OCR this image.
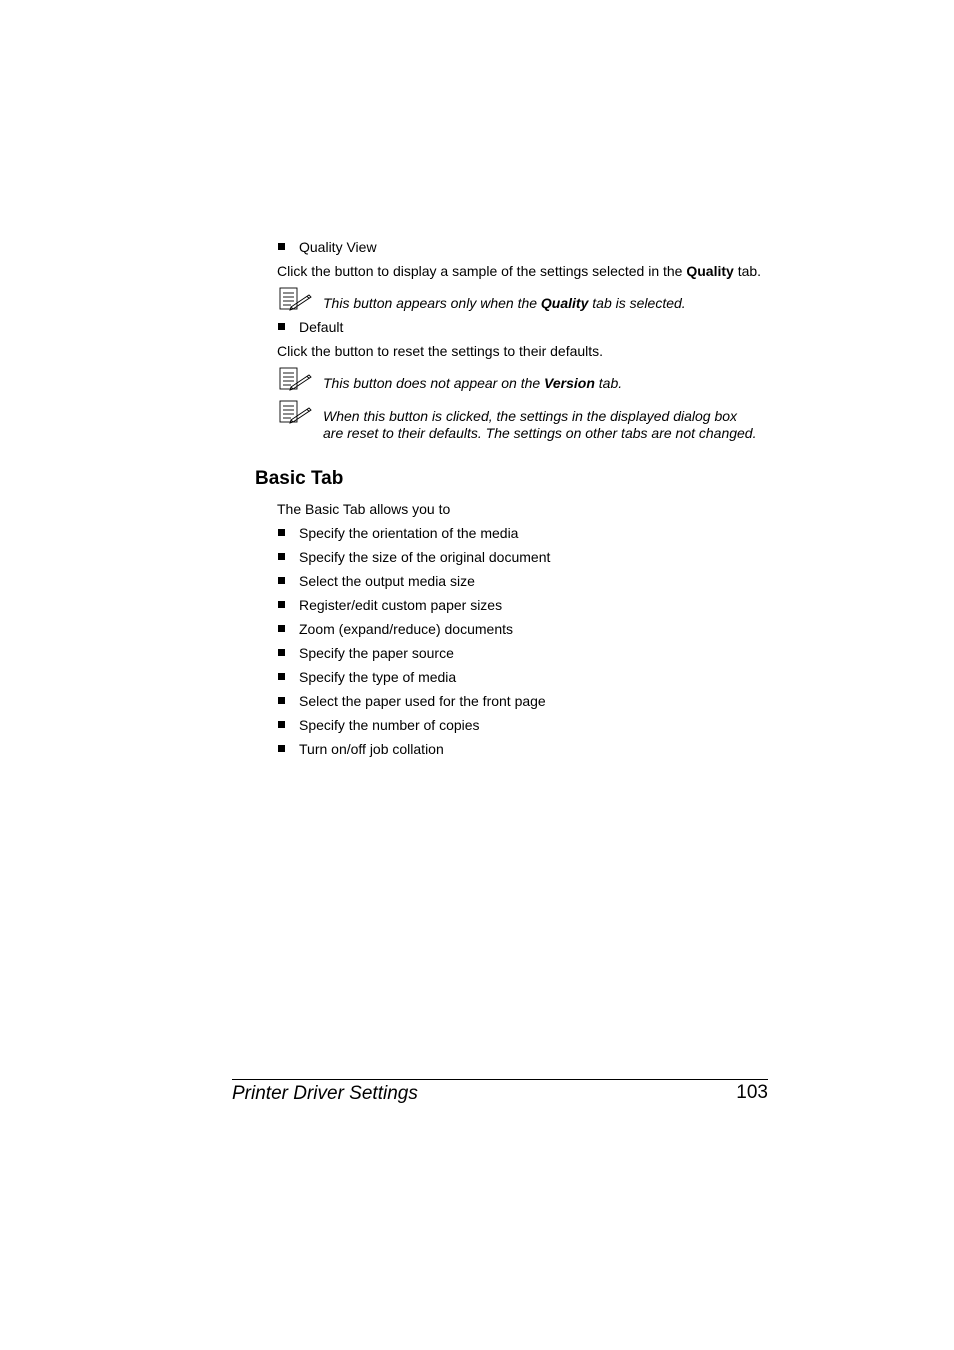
Quality View
Click the button to display a sample of the settings selected in the Quality tab.
This button appears only when the Quality tab is selected.
Default
Click the button to reset the settings to their defaults.
This button does not appear on the Version tab.
When this button is clicked, the settings in the displayed dialog box
are reset to their defaults. The settings on other tabs are not changed.
Basic Tab
The Basic Tab allows you to
Specify the orientation of the media
Specify the size of the original document
Select the output media size
Register/edit custom paper sizes
Zoom (expand/reduce) documents
Specify the paper source
Specify the type of media
Select the paper used for the front page
Specify the number of copies
Turn on/off job collation
Printer Driver Settings	103
